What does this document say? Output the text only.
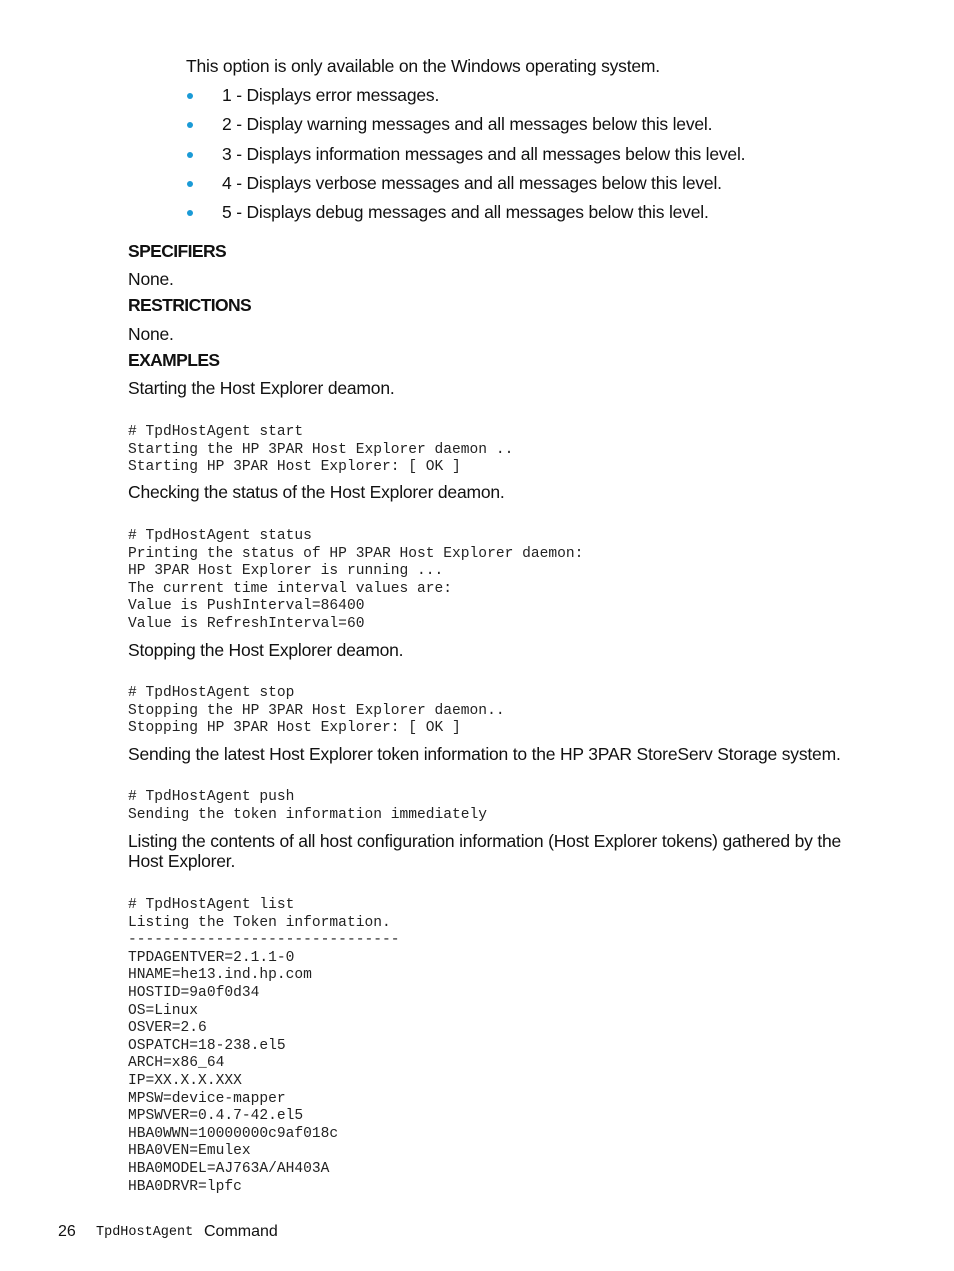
This option is only available on the Windows operating system.

1 - Displays error messages.
2 - Display warning messages and all messages below this level.
3 - Displays information messages and all messages below this level.
4 - Displays verbose messages and all messages below this level.
5 - Displays debug messages and all messages below this level.
SPECIFIERS

None.

RESTRICTIONS

None.

EXAMPLES

Starting the Host Explorer deamon.

# TpdHostAgent start
Starting the HP 3PAR Host Explorer daemon ..
Starting HP 3PAR Host Explorer: [ OK ]

Checking the status of the Host Explorer deamon.

# TpdHostAgent status
Printing the status of HP 3PAR Host Explorer daemon:
HP 3PAR Host Explorer is running ...
The current time interval values are:
Value is PushInterval=86400
Value is RefreshInterval=60

Stopping the Host Explorer deamon.

# TpdHostAgent stop
Stopping the HP 3PAR Host Explorer daemon..
Stopping HP 3PAR Host Explorer: [ OK ]

Sending the latest Host Explorer token information to the HP 3PAR StoreServ Storage system.

# TpdHostAgent push
Sending the token information immediately

Listing the contents of all host configuration information (Host Explorer tokens) gathered by the

Host Explorer.

# TpdHostAgent list
Listing the Token information.
-------------------------------
TPDAGENTVER=2.1.1-0
HNAME=he13.ind.hp.com
HOSTID=9a0f0d34
OS=Linux
OSVER=2.6
OSPATCH=18-238.el5
ARCH=x86_64
IP=XX.X.X.XXX
MPSW=device-mapper
MPSWVER=0.4.7-42.el5
HBA0WWN=10000000c9af018c
HBA0VEN=Emulex
HBA0MODEL=AJ763A/AH403A
HBA0DRVR=lpfc
26 TpdHostAgent Command
